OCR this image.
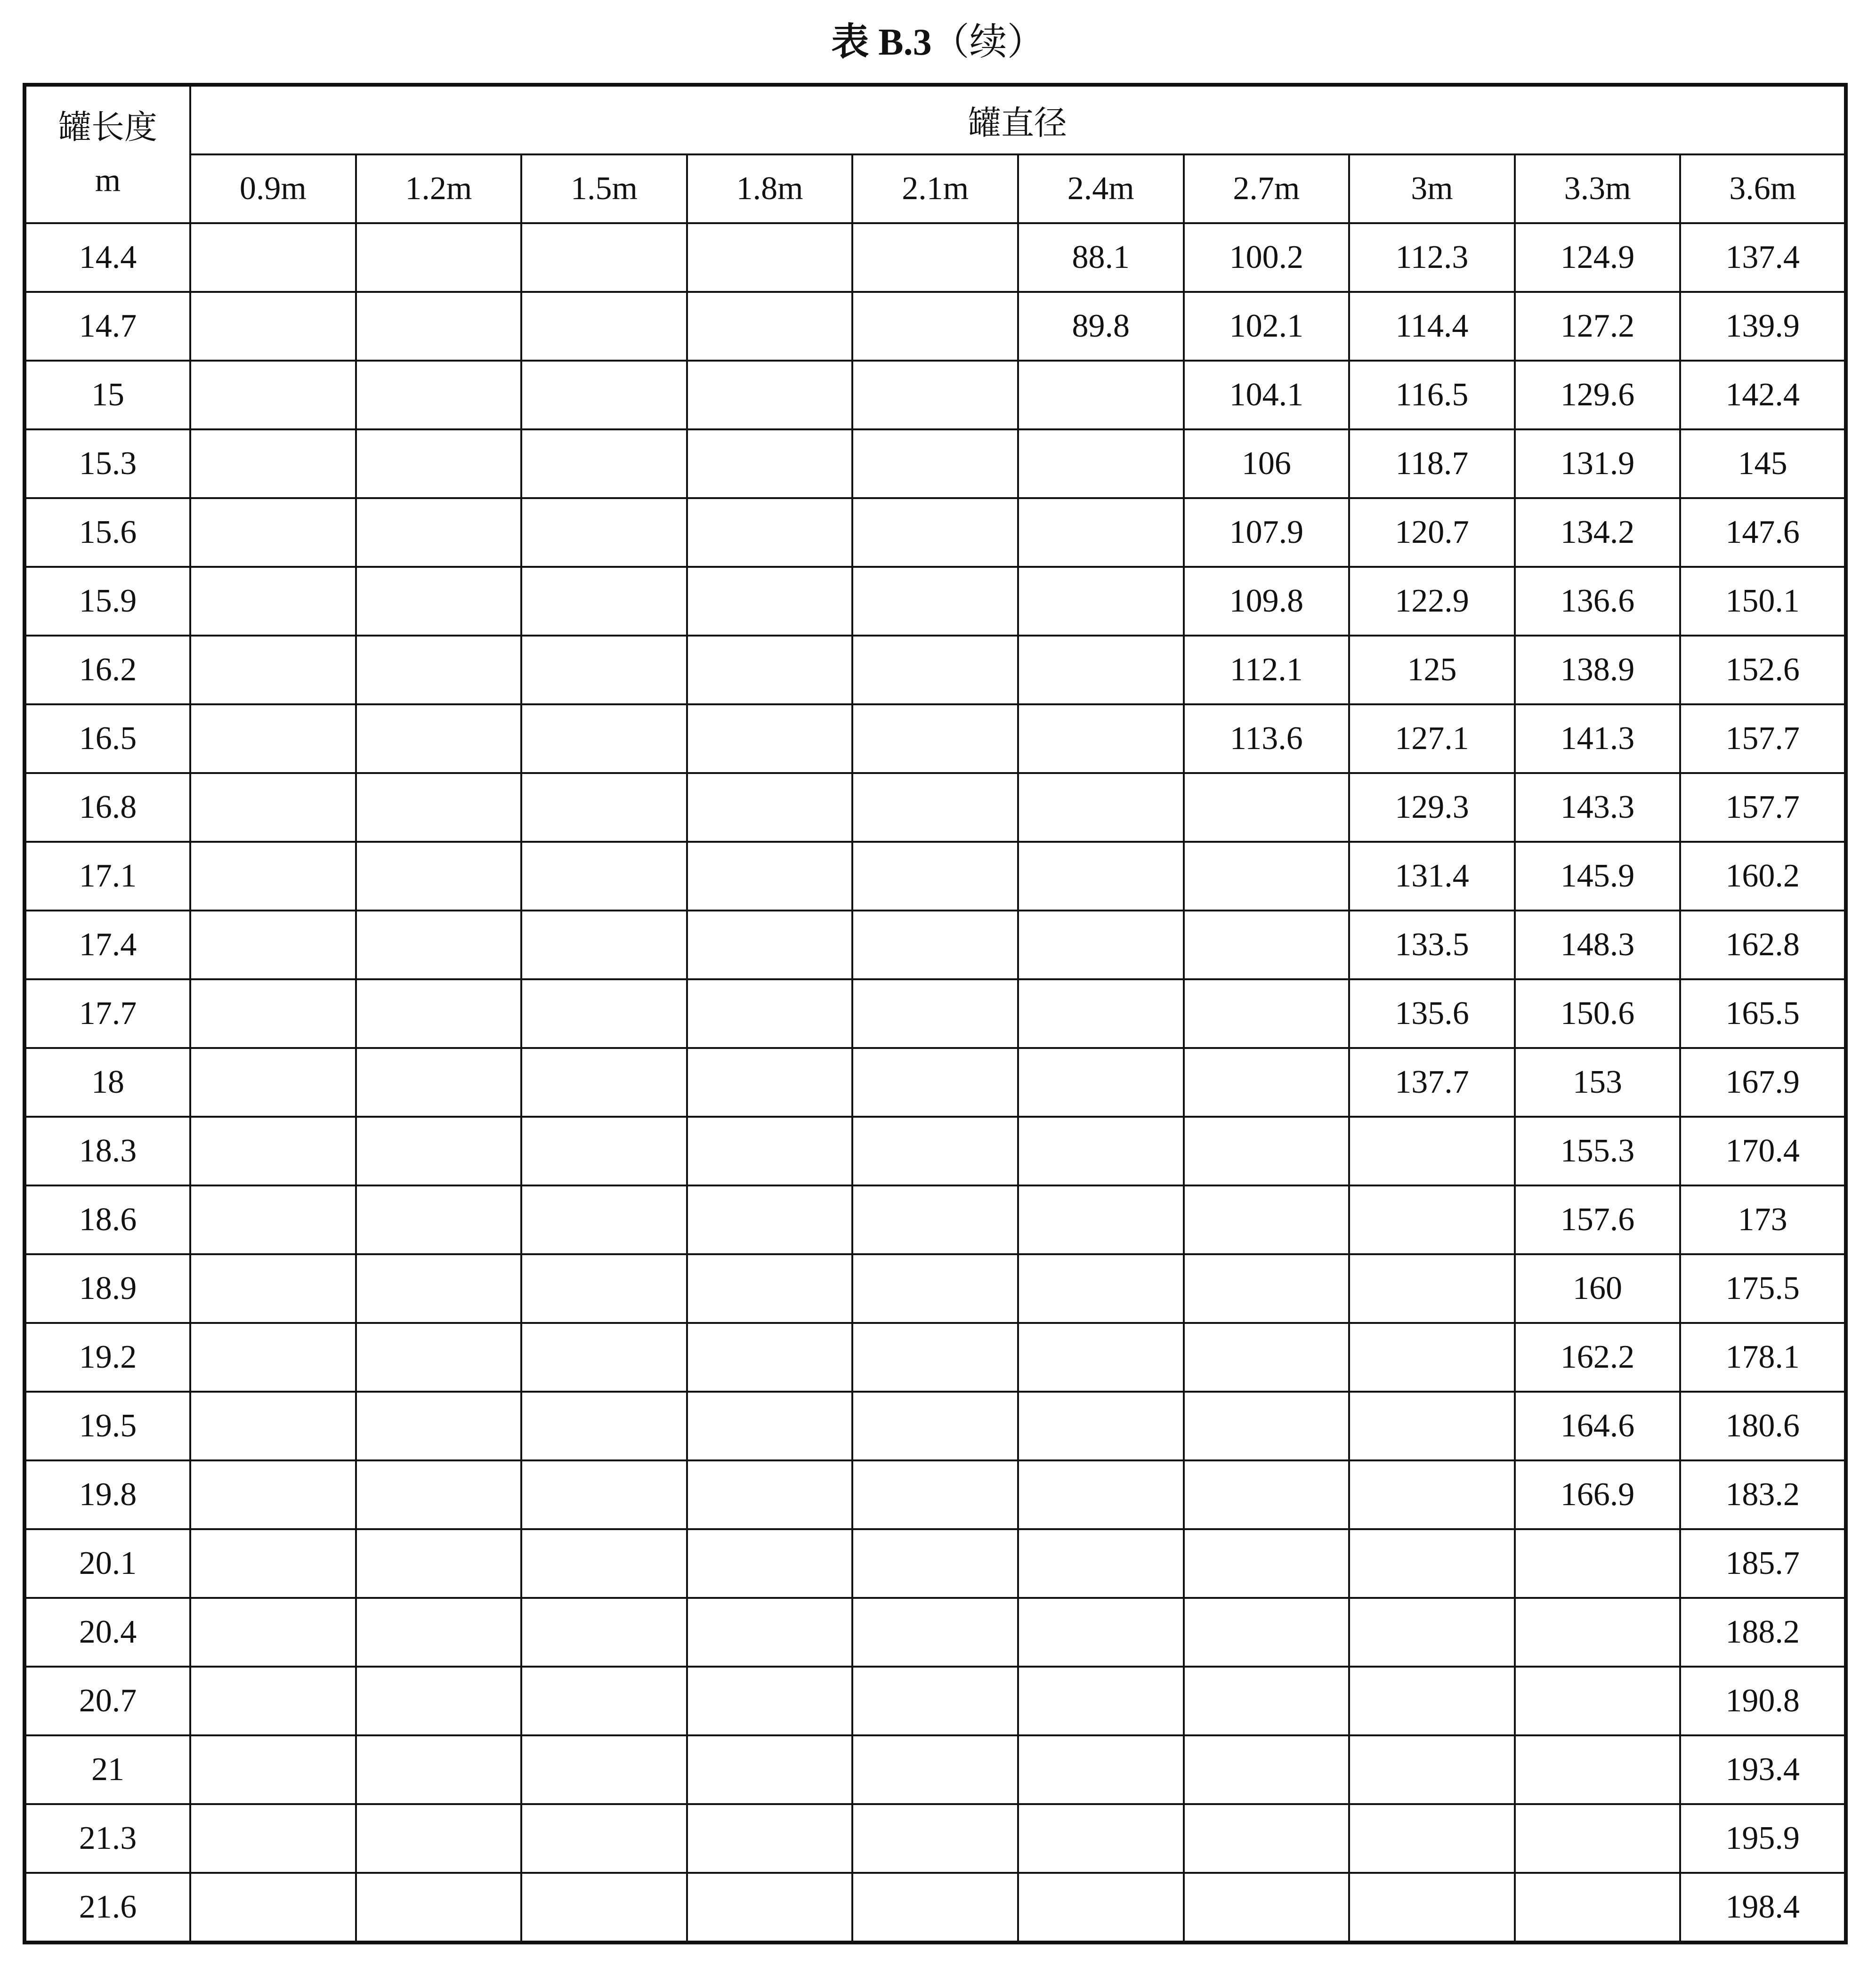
表 B.3（续）
罐长度
m	罐直径									
	0.9m	1.2m	1.5m	1.8m	2.1m	2.4m	2.7m	3m	3.3m	3.6m
14.4						88.1	100.2	112.3	124.9	137.4
14.7						89.8	102.1	114.4	127.2	139.9
15							104.1	116.5	129.6	142.4
15.3							106	118.7	131.9	145
15.6							107.9	120.7	134.2	147.6
15.9							109.8	122.9	136.6	150.1
16.2							112.1	125	138.9	152.6
16.5							113.6	127.1	141.3	157.7
16.8								129.3	143.3	157.7
17.1								131.4	145.9	160.2
17.4								133.5	148.3	162.8
17.7								135.6	150.6	165.5
18								137.7	153	167.9
18.3									155.3	170.4
18.6									157.6	173
18.9									160	175.5
19.2									162.2	178.1
19.5									164.6	180.6
19.8									166.9	183.2
20.1										185.7
20.4										188.2
20.7										190.8
21										193.4
21.3										195.9
21.6										198.4
